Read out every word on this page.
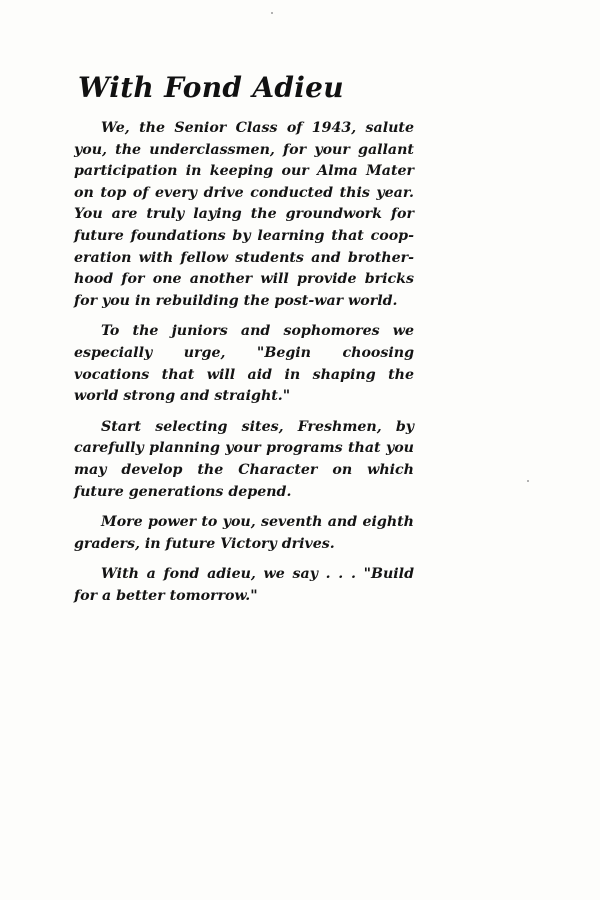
With Fond Adieu

We, the Senior Class of 1943, salute you, the underclassmen, for your gallant participation in keeping our Alma Mater on top of every drive conducted this year. You are truly laying the groundwork for future foundations by learning that coop- eration with fellow students and brother- hood for one another will provide bricks for you in rebuilding the post-war world.

To the juniors and sophomores we especially urge, "Begin choosing vocations that will aid in shaping the world strong and straight."

Start selecting sites, Freshmen, by carefully planning your programs that you may develop the Character on which future generations depend.

More power to you, seventh and eighth graders, in future Victory drives.

With a fond adieu, we say . . . "Build for a better tomorrow."
